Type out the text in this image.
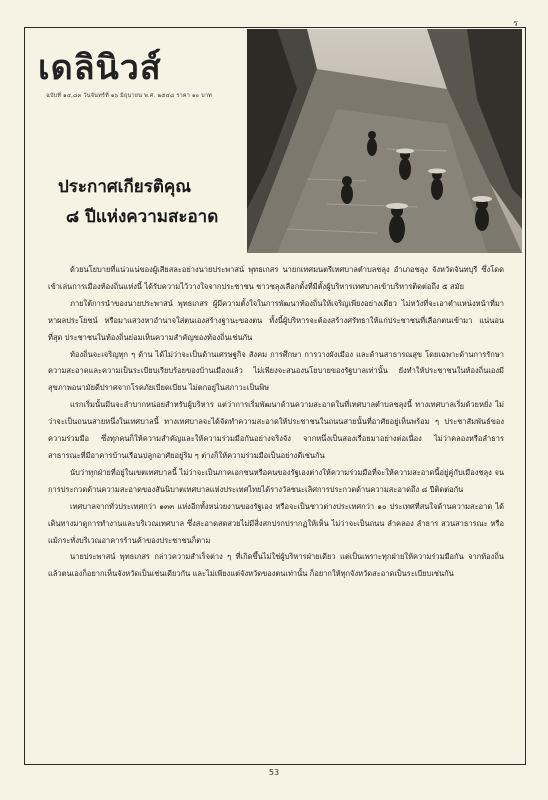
ร
เดลินิวส์
ฉบับที่ ๑๔,๘๓ วันจันทร์ที่ ๑๖ มิถุนายน พ.ศ. ๒๕๔๘ ราคา ๑๐ บาท
ประกาศเกียรติคุณ
๘ ปีแห่งความสะอาด

ด้วยนโยบายที่แน่วแน่ของผู้เสียสละอย่างนายประพาสน์ พุทธเกสร นายกเทศมนตรีเทศบาลตำบลชลุง อำเภอชลุง จังหวัดจันทบุรี ซึ่งโดดเข้าเล่นการเมืองท้องถิ่นแห่งนี้ ได้รับความไว้วางใจจากประชาชน ชาวชลุงเลือกตั้งที่มีตั้งผู้บริหารเทศบาลเข้าบริหารติดต่อถึง ๕ สมัย

ภายใต้การนำของนายประพาสน์ พุทธเกสร ผู้มีความตั้งใจในการพัฒนาท้องถิ่นให้เจริญเพียงอย่างเดียว ไม่หวังที่จะเอาตำแหน่งหน้าที่มาหาผลประโยชน์ หรือมาแสวงหาอำนาจใส่ตนเองสร้างฐานะของตน ทั้งนี้ผู้บริหารจะต้องสร้างศรัทธาให้แก่ประชาชนที่เลือกตนเข้ามา แน่นอนที่สุด ประชาชนในท้องถิ่นย่อมเห็นความสำคัญของท้องถิ่นเช่นกัน

ท้องถิ่นจะเจริญทุก ๆ ด้าน ได้ไม่ว่าจะเป็นด้านเศรษฐกิจ สังคม การศึกษา การวางผังเมือง และด้านสาธารณสุข โดยเฉพาะด้านการรักษาความสะอาดและความเป็นระเบียบเรียบร้อยของบ้านเมืองแล้ว ไม่เพียงจะสนองนโยบายของรัฐบาลเท่านั้น ยังทำให้ประชาชนในท้องถิ่นเองมีสุขภาพอนามัยดีปราศจากโรคภัยเบียดเบียน ไม่ตกอยู่ในสภาวะเป็นพิษ

แรกเริ่มนั้นมีนจะลำบากหน่อยสำหรับผู้บริหาร แต่ว่าการเริ่มพัฒนาด้านความสะอาดในที่เทศบาลตำบลชลุงนี้ ทางเทศบาลเริ่มด้วยหยั่ง ไม่ว่าจะเป็นถนนสายหนึ่งในเทศบาลนี้ ทางเทศบาลจะได้จัดทำความสะอาดให้ประชาชนในถนนสายนั้นที่อาศัยอยู่เห็นพร้อม ๆ ประชาสัมพันธ์ของความร่วมมือ ซึ่งทุกคนก็ให้ความสำคัญและให้ความร่วมมือกันอย่างจริงจัง จากหนึ่งเป็นสองเรื่อยมาอย่างต่อเนื่อง ไม่ว่าคลองหรือลำธารสาธารณะที่มีอาคารบ้านเรือนปลูกอาศัยอยู่ริม ๆ ต่างก็ให้ความร่วมมือเป็นอย่างดีเช่นกัน

นับว่าทุกฝ่ายที่อยู่ในเขตเทศบาลนี้ ไม่ว่าจะเป็นภาคเอกชนหรือคนของรัฐเองต่างให้ความร่วมมือที่จะให้ความสะอาดนี้อยู่คู่กับเมืองชลุง จนการประกวดด้านความสะอาดของสันนิบาตเทศบาลแห่งประเทศไทยได้รางวัลชนะเลิศการประกวดด้านความสะอาดถึง ๘ ปีติดต่อกัน

เทศบาลจากทั่วประเทศกว่า ๑๓๓ แห่งอีกทั้งหน่วยงานของรัฐเอง หรือจะเป็นชาวต่างประเทศกว่า ๑๐ ประเทศที่สนใจด้านความสะอาด ได้เดินทางมาดูการทำงานและบริเวณเทศบาล ซึ่งสะอาดสดสวยไม่มีสิ่งสกปรกปรากฏให้เห็น ไม่ว่าจะเป็นถนน ลำคลอง ลำธาร สวนสาธารณะ หรือแม้กระทั่งบริเวณอาคารร้านค้าของประชาชนก็ตาม

นายประพาสน์ พุทธเกสร กล่าวความสำเร็จต่าง ๆ ที่เกิดขึ้นไม่ใช่ผู้บริหารฝ่ายเดียว แต่เป็นเพราะทุกฝ่ายให้ความร่วมมือกัน จากท้องถิ่นแล้วตนเองก็อยากเห็นจังหวัดเป็นเช่นเดียวกัน และไม่เพียงแต่จังหวัดของตนเท่านั้น ก็อยากให้ทุกจังหวัดสะอาดเป็นระเบียบเช่นกัน

53
